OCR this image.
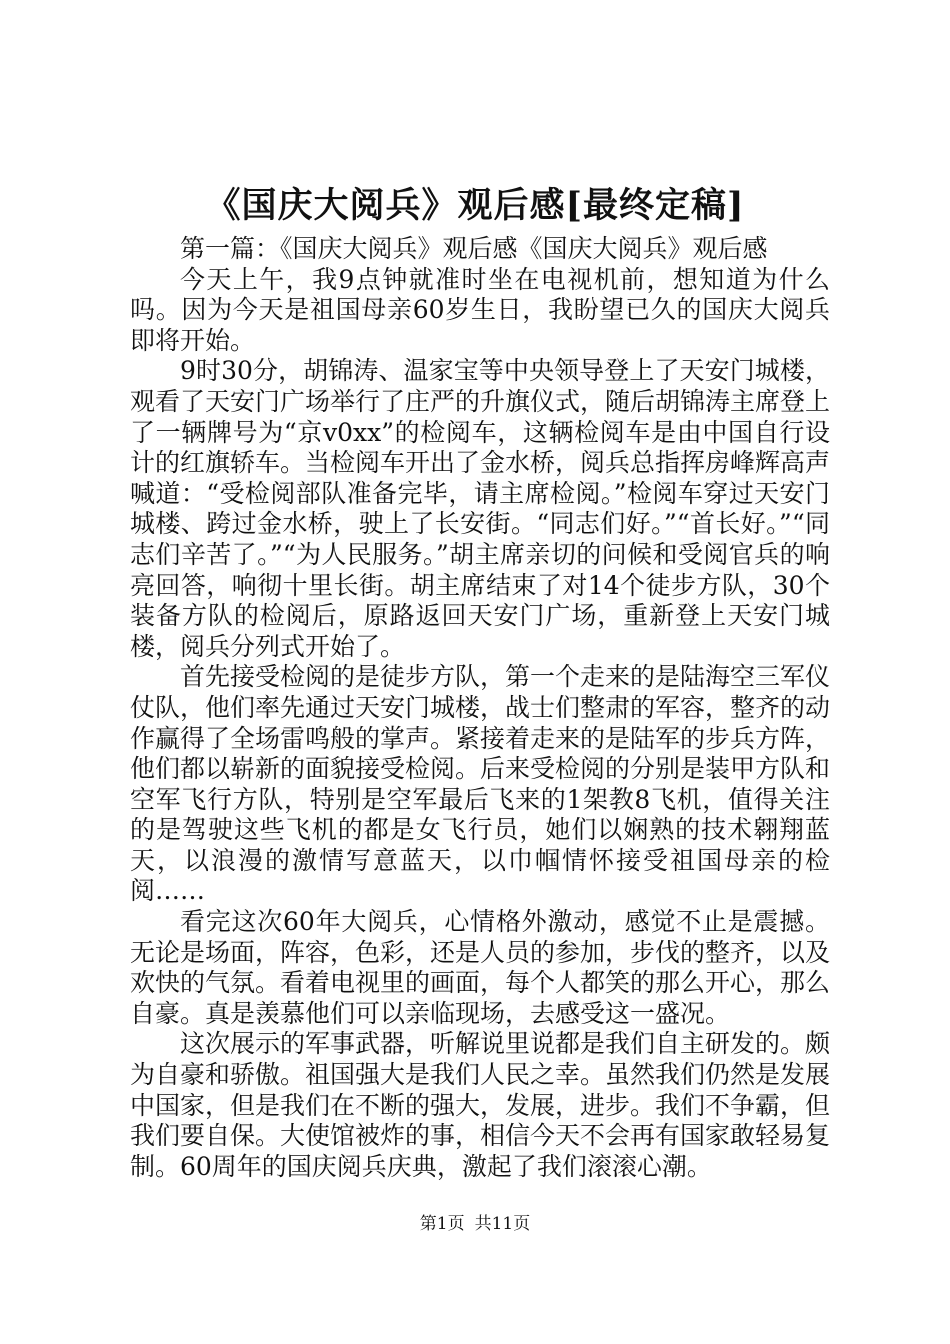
《国庆大阅兵》观后感[最终定稿]

第一篇：《国庆大阅兵》观后感《国庆大阅兵》观后感

今天上午，我9点钟就准时坐在电视机前，想知道为什么吗。因为今天是祖国母亲60岁生日，我盼望已久的国庆大阅兵即将开始。

9时30分，胡锦涛、温家宝等中央领导登上了天安门城楼，观看了天安门广场举行了庄严的升旗仪式，随后胡锦涛主席登上了一辆牌号为“京v0xx”的检阅车，这辆检阅车是由中国自行设计的红旗轿车。当检阅车开出了金水桥，阅兵总指挥房峰辉高声喊道：“受检阅部队准备完毕，请主席检阅。”检阅车穿过天安门城楼、跨过金水桥，驶上了长安街。“同志们好。”“首长好。”“同志们辛苦了。”“为人民服务。”胡主席亲切的问候和受阅官兵的响亮回答，响彻十里长街。胡主席结束了对14个徒步方队，30个装备方队的检阅后，原路返回天安门广场，重新登上天安门城楼，阅兵分列式开始了。

首先接受检阅的是徒步方队，第一个走来的是陆海空三军仪仗队，他们率先通过天安门城楼，战士们整肃的军容，整齐的动作赢得了全场雷鸣般的掌声。紧接着走来的是陆军的步兵方阵，他们都以崭新的面貌接受检阅。后来受检阅的分别是装甲方队和空军飞行方队，特别是空军最后飞来的1架教8飞机，值得关注的是驾驶这些飞机的都是女飞行员，她们以娴熟的技术翱翔蓝天，以浪漫的激情写意蓝天，以巾帼情怀接受祖国母亲的检阅……

看完这次60年大阅兵，心情格外激动，感觉不止是震撼。无论是场面，阵容，色彩，还是人员的参加，步伐的整齐，以及欢快的气氛。看着电视里的画面，每个人都笑的那么开心，那么自豪。真是羡慕他们可以亲临现场，去感受这一盛况。

这次展示的军事武器，听解说里说都是我们自主研发的。颇为自豪和骄傲。祖国强大是我们人民之幸。虽然我们仍然是发展中国家，但是我们在不断的强大，发展，进步。我们不争霸，但我们要自保。大使馆被炸的事，相信今天不会再有国家敢轻易复制。60周年的国庆阅兵庆典，激起了我们滚滚心潮。

第1页 共11页
